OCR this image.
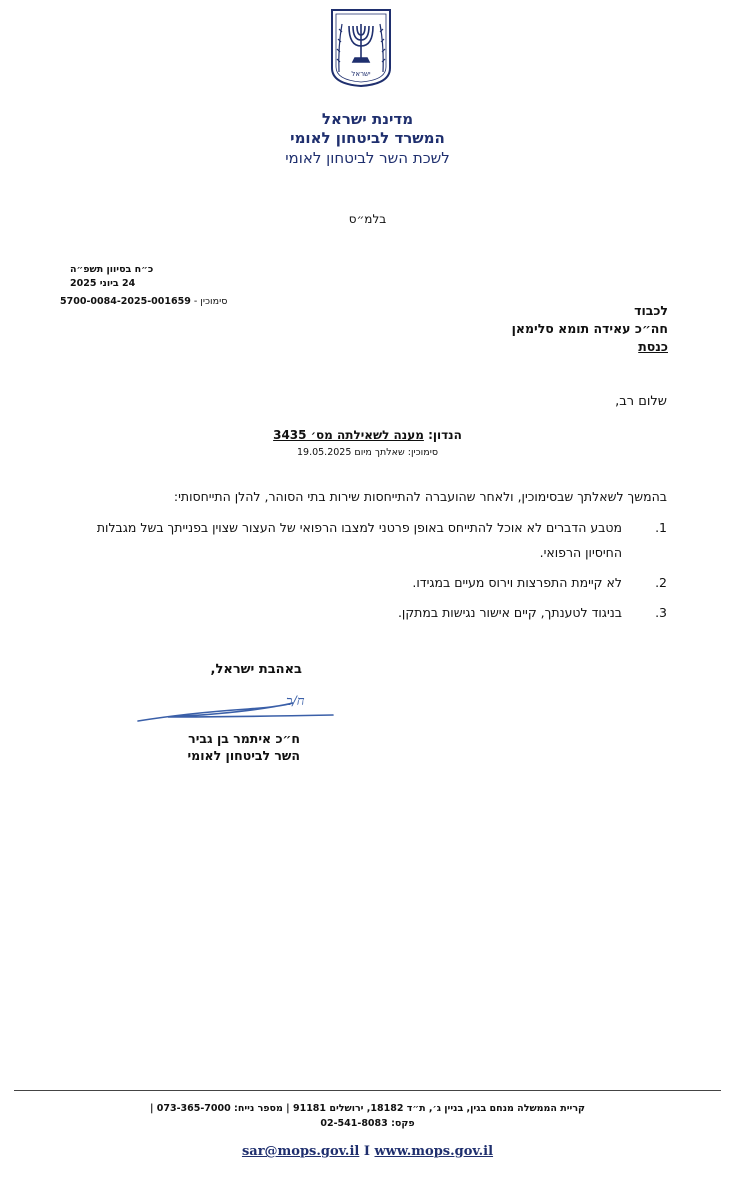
ישראל
מדינת ישראל
המשרד לביטחון לאומי
לשכת השר לביטחון לאומי
בלמ״ס
כ״ח בסיוון תשפ״ה
24 ביוני 2025
סימוכין - 5700-0084-2025-001659
לכבוד
חה״כ עאידה תומא סלימאן
כנסת
שלום רב,
הנדון: מענה לשאילתה מס׳ 3435
סימוכין: שאלתך מיום 19.05.2025
בהמשך לשאלתך שבסימוכין, ולאחר שהועברה להתייחסות שירות בתי הסוהר, להלן התייחסותי:
1.
מטבע הדברים לא אוכל להתייחס באופן פרטני למצבו הרפואי של העצור שצוין בפנייתך בשל מגבלות החיסיון הרפואי.
2.
לא קיימת התפרצות וירוס מעיים במגידו.
3.
בניגוד לטענתך, קיים אישור נגישות במתקן.
באהבת ישראל,
ח/כ
ח״כ איתמר בן גביר
השר לביטחון לאומי
קריית הממשלה מנחם בגין, בניין ג׳, ת״ד 18182, ירושלים 91181 | מספר נייח: 073-365-7000 |
פקס: 02-541-8083
sar@mops.gov.il I www.mops.gov.il
